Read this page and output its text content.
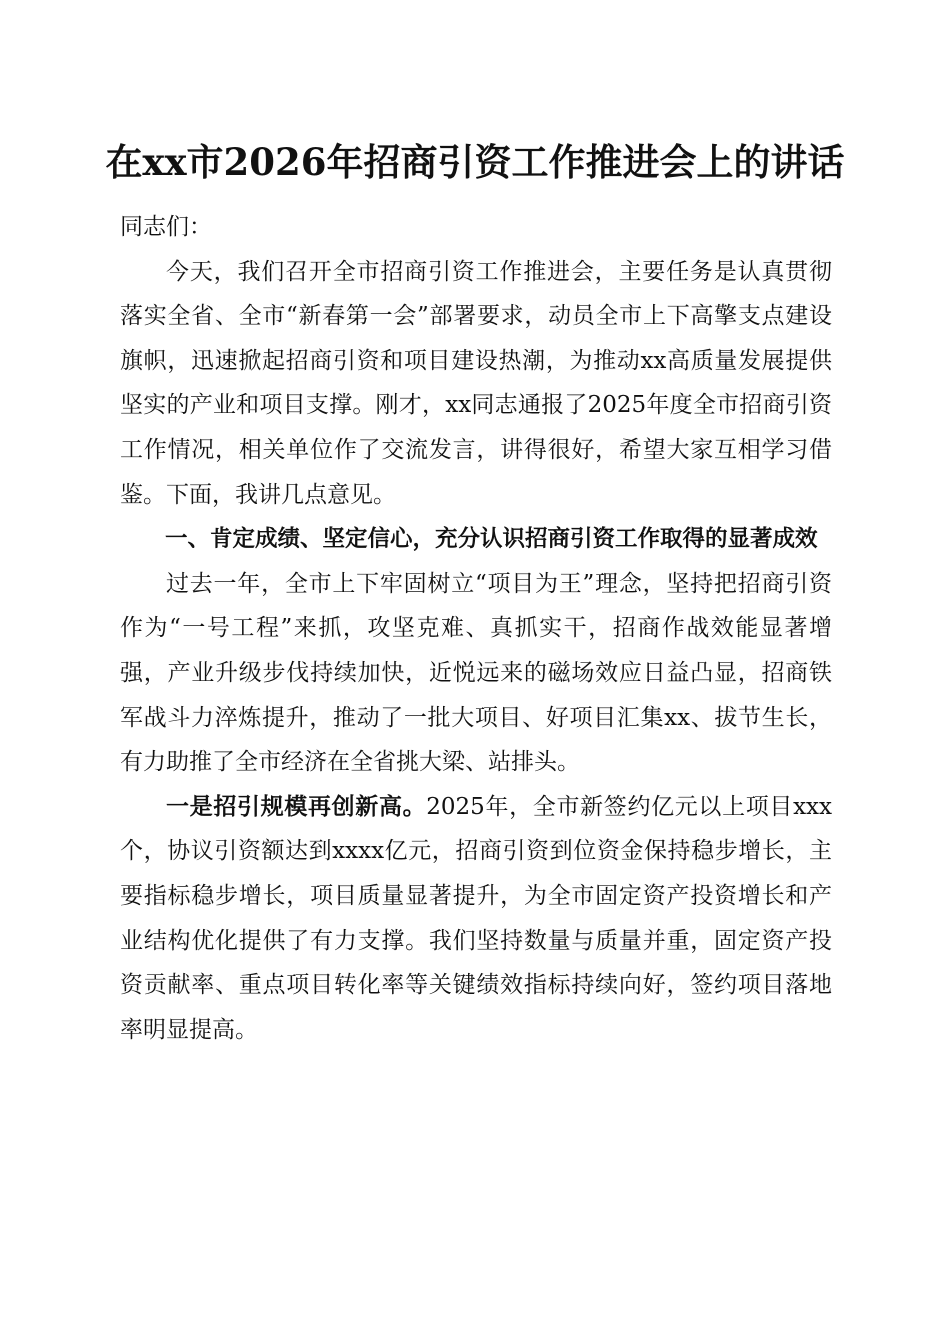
在xx市2026年招商引资工作推进会上的讲话

同志们：

今天，我们召开全市招商引资工作推进会，主要任务是认真贯彻落实全省、全市“新春第一会”部署要求，动员全市上下高擎支点建设旗帜，迅速掀起招商引资和项目建设热潮，为推动xx高质量发展提供坚实的产业和项目支撑。刚才，xx同志通报了2025年度全市招商引资工作情况，相关单位作了交流发言，讲得很好，希望大家互相学习借鉴。下面，我讲几点意见。

一、肯定成绩、坚定信心，充分认识招商引资工作取得的显著成效

过去一年，全市上下牢固树立“项目为王”理念，坚持把招商引资作为“一号工程”来抓，攻坚克难、真抓实干，招商作战效能显著增强，产业升级步伐持续加快，近悦远来的磁场效应日益凸显，招商铁军战斗力淬炼提升，推动了一批大项目、好项目汇集xx、拔节生长，有力助推了全市经济在全省挑大梁、站排头。

一是招引规模再创新高。2025年，全市新签约亿元以上项目xxx个，协议引资额达到xxxx亿元，招商引资到位资金保持稳步增长，主要指标稳步增长，项目质量显著提升，为全市固定资产投资增长和产业结构优化提供了有力支撑。我们坚持数量与质量并重，固定资产投资贡献率、重点项目转化率等关键绩效指标持续向好，签约项目落地率明显提高。
